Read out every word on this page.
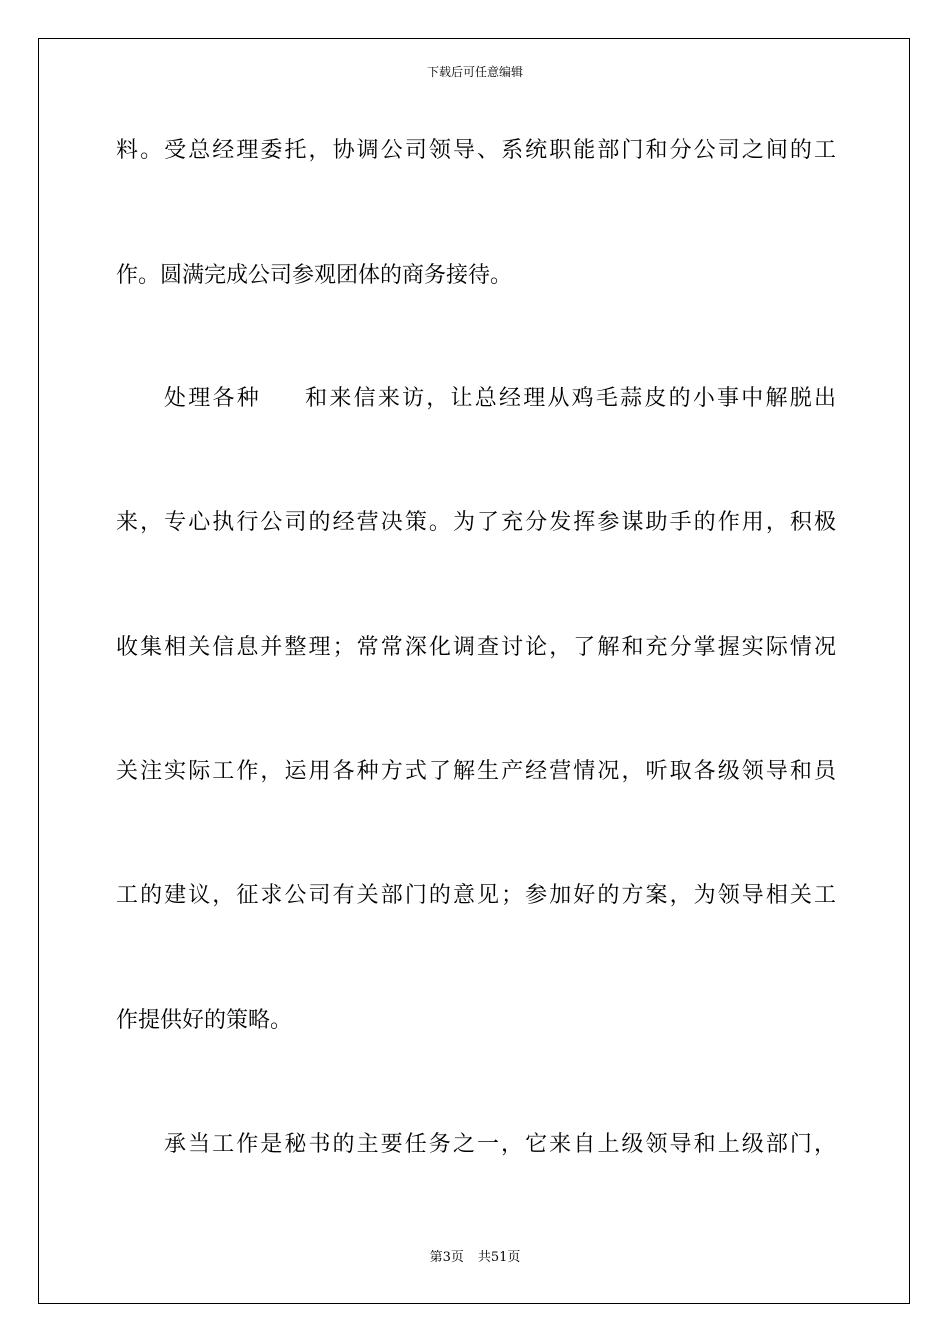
下载后可任意编辑
料。受总经理委托，协调公司领导、系统职能部门和分公司之间的工
作。圆满完成公司参观团体的商务接待。
处理各种 和来信来访，让总经理从鸡毛蒜皮的小事中解脱出
来，专心执行公司的经营决策。为了充分发挥参谋助手的作用，积极
收集相关信息并整理；常常深化调查讨论，了解和充分掌握实际情况
关注实际工作，运用各种方式了解生产经营情况，听取各级领导和员
工的建议，征求公司有关部门的意见；参加好的方案，为领导相关工
作提供好的策略。
承当工作是秘书的主要任务之一，它来自上级领导和上级部门，
第3页 共51页
